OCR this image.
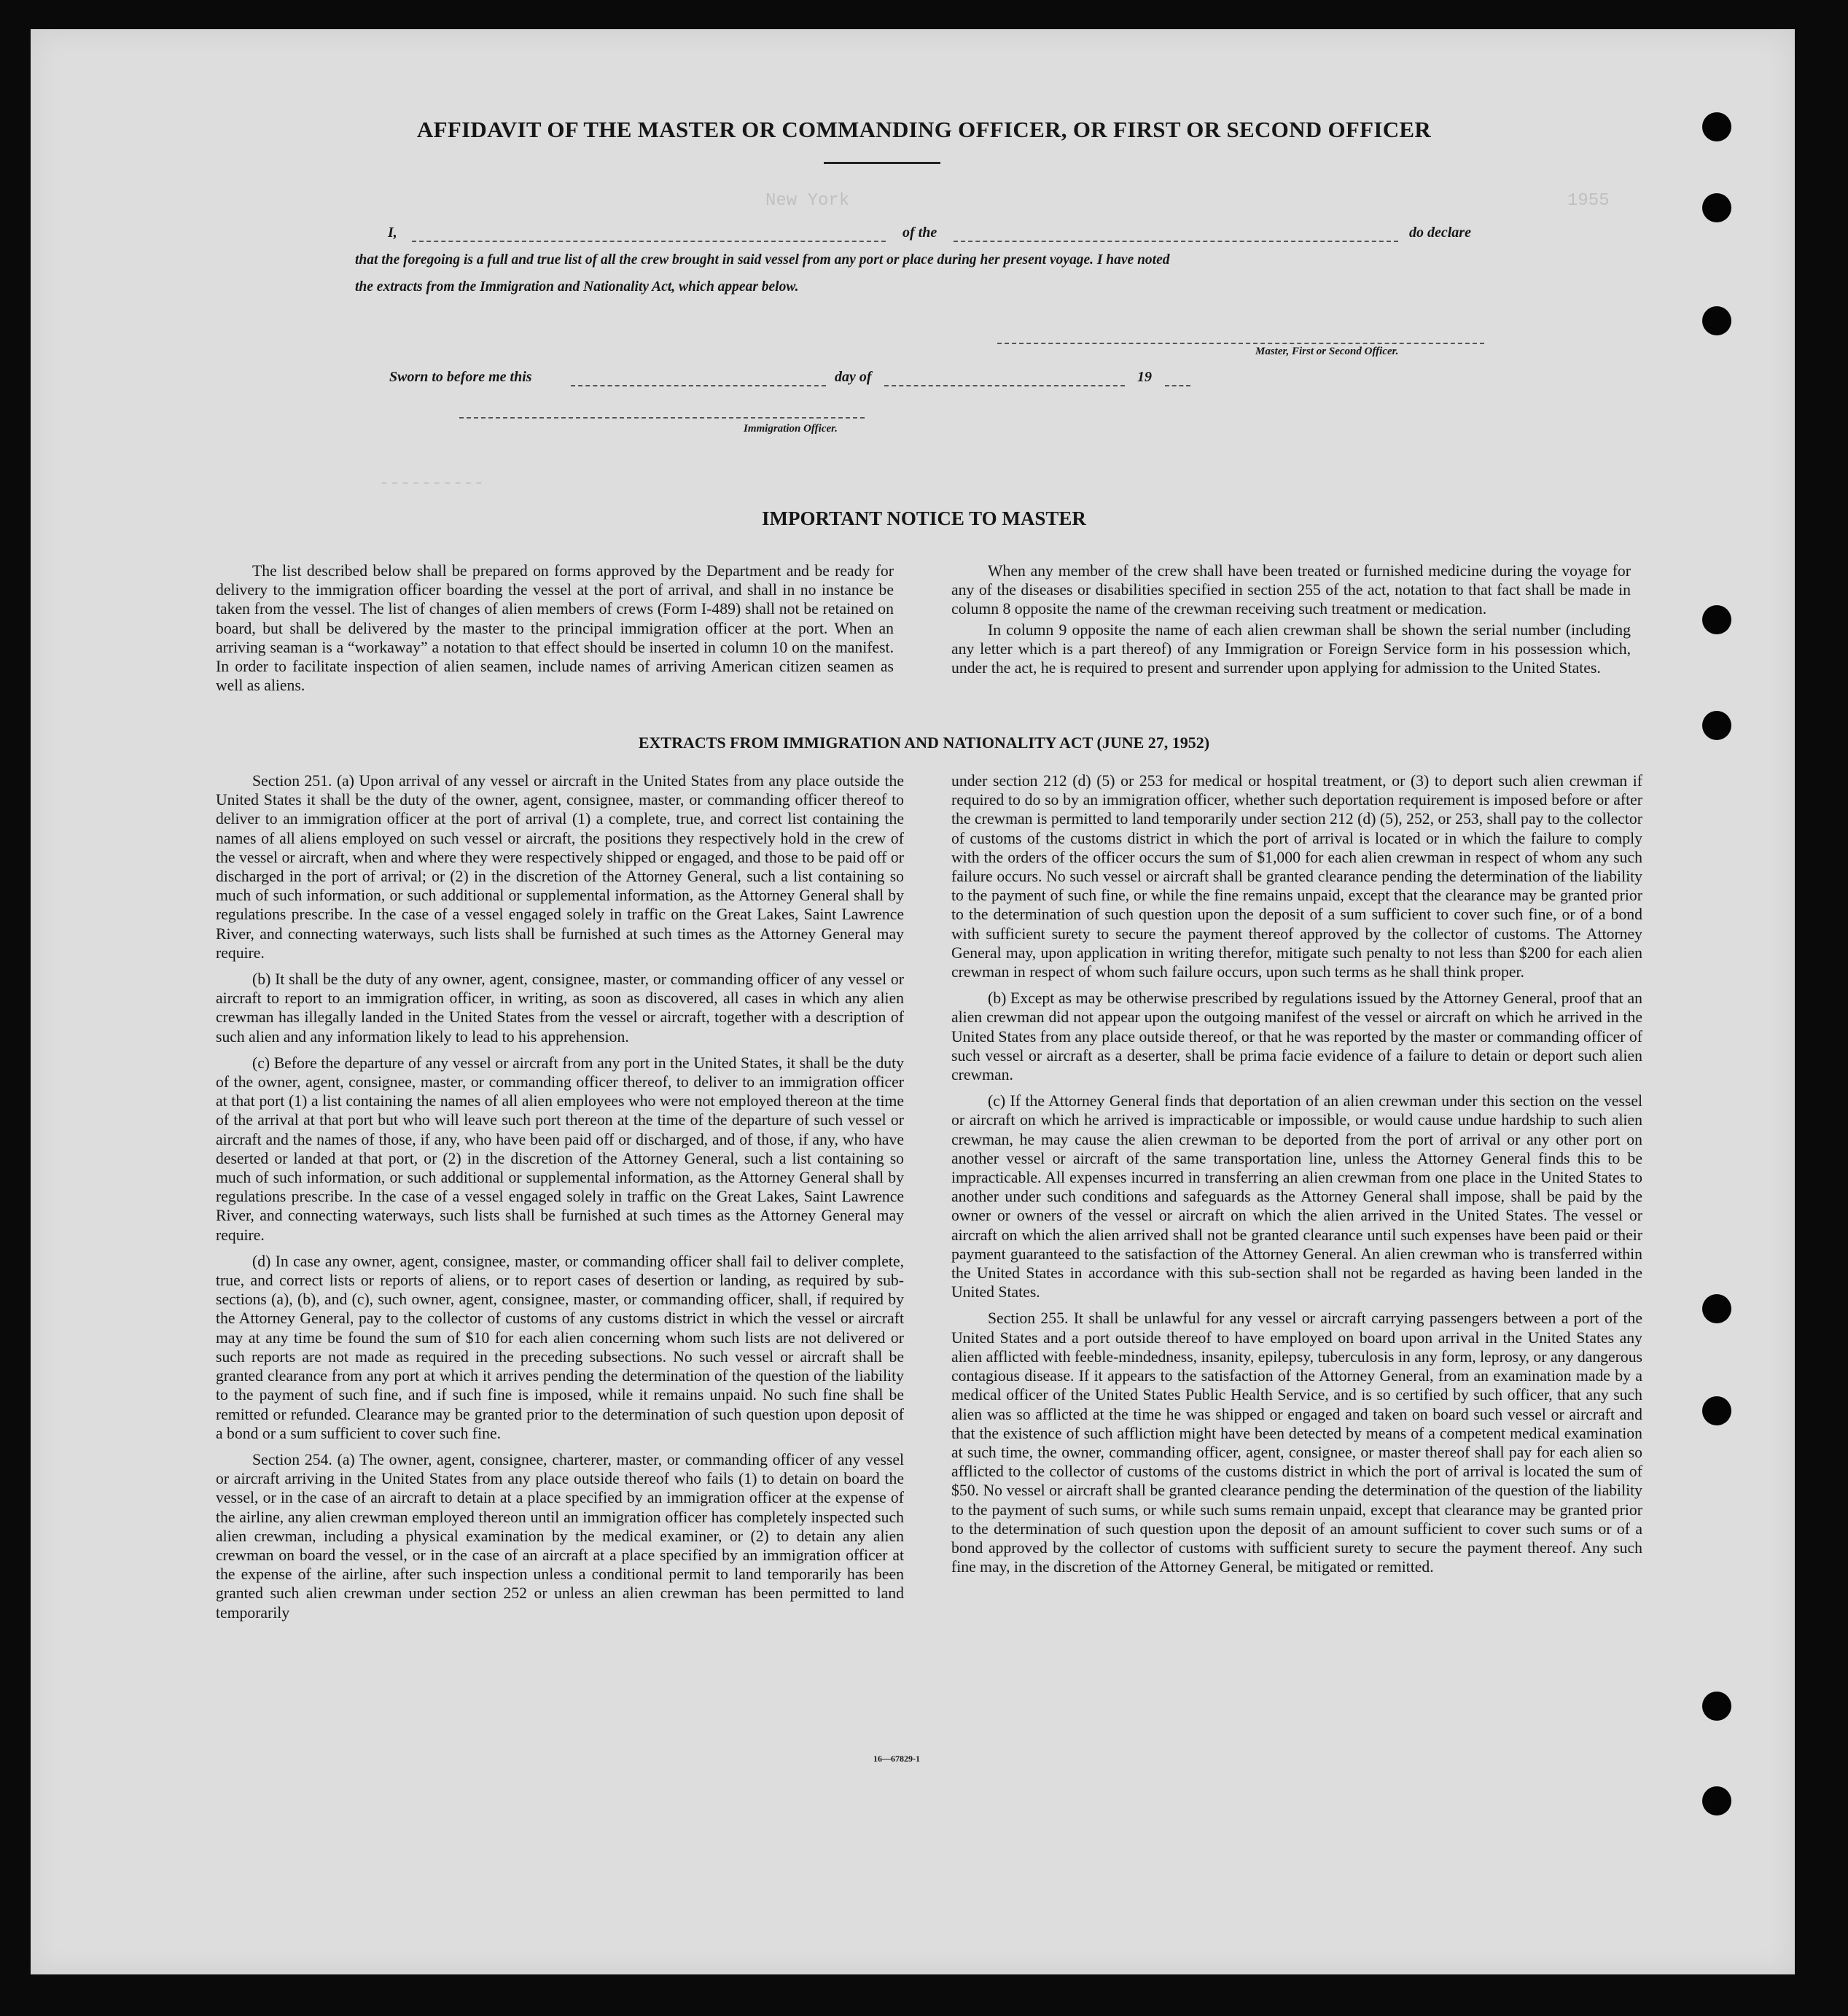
New York	1955
----------
AFFIDAVIT OF THE MASTER OR COMMANDING OFFICER, OR FIRST OR SECOND OFFICER
I,	of the	do declare
that the foregoing is a full and true list of all the crew brought in said vessel from any port or place during her present voyage. I have noted
the extracts from the Immigration and Nationality Act, which appear below.
Master, First or Second Officer.
Sworn to before me this	day of	19
Immigration Officer.
IMPORTANT NOTICE TO MASTER

The list described below shall be prepared on forms approved by the Department and be ready for delivery to the immigration officer boarding the vessel at the port of arrival, and shall in no instance be taken from the vessel. The list of changes of alien members of crews (Form I-489) shall not be retained on board, but shall be delivered by the master to the principal immigration officer at the port. When an arriving seaman is a “workaway” a notation to that effect should be inserted in column 10 on the manifest. In order to facilitate inspection of alien seamen, include names of arriving American citizen seamen as well as aliens.

When any member of the crew shall have been treated or furnished medicine during the voyage for any of the diseases or disabilities specified in section 255 of the act, notation to that fact shall be made in column 8 opposite the name of the crewman receiving such treatment or medication.

In column 9 opposite the name of each alien crewman shall be shown the serial number (including any letter which is a part thereof) of any Immigration or Foreign Service form in his possession which, under the act, he is required to present and surrender upon applying for admission to the United States.

EXTRACTS FROM IMMIGRATION AND NATIONALITY ACT (JUNE 27, 1952)

Section 251. (a) Upon arrival of any vessel or aircraft in the United States from any place outside the United States it shall be the duty of the owner, agent, consignee, master, or commanding officer thereof to deliver to an immigration officer at the port of arrival (1) a complete, true, and correct list containing the names of all aliens employed on such vessel or aircraft, the positions they respectively hold in the crew of the vessel or aircraft, when and where they were respectively shipped or engaged, and those to be paid off or discharged in the port of arrival; or (2) in the discretion of the Attorney General, such a list containing so much of such information, or such additional or supplemental information, as the Attorney General shall by regulations prescribe. In the case of a vessel engaged solely in traffic on the Great Lakes, Saint Lawrence River, and connecting waterways, such lists shall be furnished at such times as the Attorney General may require.

(b) It shall be the duty of any owner, agent, consignee, master, or commanding officer of any vessel or aircraft to report to an immigration officer, in writing, as soon as discovered, all cases in which any alien crewman has illegally landed in the United States from the vessel or aircraft, together with a description of such alien and any information likely to lead to his apprehension.

(c) Before the departure of any vessel or aircraft from any port in the United States, it shall be the duty of the owner, agent, consignee, master, or commanding officer thereof, to deliver to an immigration officer at that port (1) a list containing the names of all alien employees who were not employed thereon at the time of the arrival at that port but who will leave such port thereon at the time of the departure of such vessel or aircraft and the names of those, if any, who have been paid off or discharged, and of those, if any, who have deserted or landed at that port, or (2) in the discretion of the Attorney General, such a list containing so much of such information, or such additional or supplemental information, as the Attorney General shall by regulations prescribe. In the case of a vessel engaged solely in traffic on the Great Lakes, Saint Lawrence River, and connecting waterways, such lists shall be furnished at such times as the Attorney General may require.

(d) In case any owner, agent, consignee, master, or commanding officer shall fail to deliver complete, true, and correct lists or reports of aliens, or to report cases of desertion or landing, as required by sub-sections (a), (b), and (c), such owner, agent, consignee, master, or commanding officer, shall, if required by the Attorney General, pay to the collector of customs of any customs district in which the vessel or aircraft may at any time be found the sum of $10 for each alien concerning whom such lists are not delivered or such reports are not made as required in the preceding subsections. No such vessel or aircraft shall be granted clearance from any port at which it arrives pending the determination of the question of the liability to the payment of such fine, and if such fine is imposed, while it remains unpaid. No such fine shall be remitted or refunded. Clearance may be granted prior to the determination of such question upon deposit of a bond or a sum sufficient to cover such fine.

Section 254. (a) The owner, agent, consignee, charterer, master, or commanding officer of any vessel or aircraft arriving in the United States from any place outside thereof who fails (1) to detain on board the vessel, or in the case of an aircraft to detain at a place specified by an immigration officer at the expense of the airline, any alien crewman employed thereon until an immigration officer has completely inspected such alien crewman, including a physical examination by the medical examiner, or (2) to detain any alien crewman on board the vessel, or in the case of an aircraft at a place specified by an immigration officer at the expense of the airline, after such inspection unless a conditional permit to land temporarily has been granted such alien crewman under section 252 or unless an alien crewman has been permitted to land temporarily

under section 212 (d) (5) or 253 for medical or hospital treatment, or (3) to deport such alien crewman if required to do so by an immigration officer, whether such deportation requirement is imposed before or after the crewman is permitted to land temporarily under section 212 (d) (5), 252, or 253, shall pay to the collector of customs of the customs district in which the port of arrival is located or in which the failure to comply with the orders of the officer occurs the sum of $1,000 for each alien crewman in respect of whom any such failure occurs. No such vessel or aircraft shall be granted clearance pending the determination of the liability to the payment of such fine, or while the fine remains unpaid, except that the clearance may be granted prior to the determination of such question upon the deposit of a sum sufficient to cover such fine, or of a bond with sufficient surety to secure the payment thereof approved by the collector of customs. The Attorney General may, upon application in writing therefor, mitigate such penalty to not less than $200 for each alien crewman in respect of whom such failure occurs, upon such terms as he shall think proper.

(b) Except as may be otherwise prescribed by regulations issued by the Attorney General, proof that an alien crewman did not appear upon the outgoing manifest of the vessel or aircraft on which he arrived in the United States from any place outside thereof, or that he was reported by the master or commanding officer of such vessel or aircraft as a deserter, shall be prima facie evidence of a failure to detain or deport such alien crewman.

(c) If the Attorney General finds that deportation of an alien crewman under this section on the vessel or aircraft on which he arrived is impracticable or impossible, or would cause undue hardship to such alien crewman, he may cause the alien crewman to be deported from the port of arrival or any other port on another vessel or aircraft of the same transportation line, unless the Attorney General finds this to be impracticable. All expenses incurred in transferring an alien crewman from one place in the United States to another under such conditions and safeguards as the Attorney General shall impose, shall be paid by the owner or owners of the vessel or aircraft on which the alien arrived in the United States. The vessel or aircraft on which the alien arrived shall not be granted clearance until such expenses have been paid or their payment guaranteed to the satisfaction of the Attorney General. An alien crewman who is transferred within the United States in accordance with this sub-section shall not be regarded as having been landed in the United States.

Section 255. It shall be unlawful for any vessel or aircraft carrying passengers between a port of the United States and a port outside thereof to have employed on board upon arrival in the United States any alien afflicted with feeble-mindedness, insanity, epilepsy, tuberculosis in any form, leprosy, or any dangerous contagious disease. If it appears to the satisfaction of the Attorney General, from an examination made by a medical officer of the United States Public Health Service, and is so certified by such officer, that any such alien was so afflicted at the time he was shipped or engaged and taken on board such vessel or aircraft and that the existence of such affliction might have been detected by means of a competent medical examination at such time, the owner, commanding officer, agent, consignee, or master thereof shall pay for each alien so afflicted to the collector of customs of the customs district in which the port of arrival is located the sum of $50. No vessel or aircraft shall be granted clearance pending the determination of the question of the liability to the payment of such sums, or while such sums remain unpaid, except that clearance may be granted prior to the determination of such question upon the deposit of an amount sufficient to cover such sums or of a bond approved by the collector of customs with sufficient surety to secure the payment thereof. Any such fine may, in the discretion of the Attorney General, be mitigated or remitted.

16—67829-1
